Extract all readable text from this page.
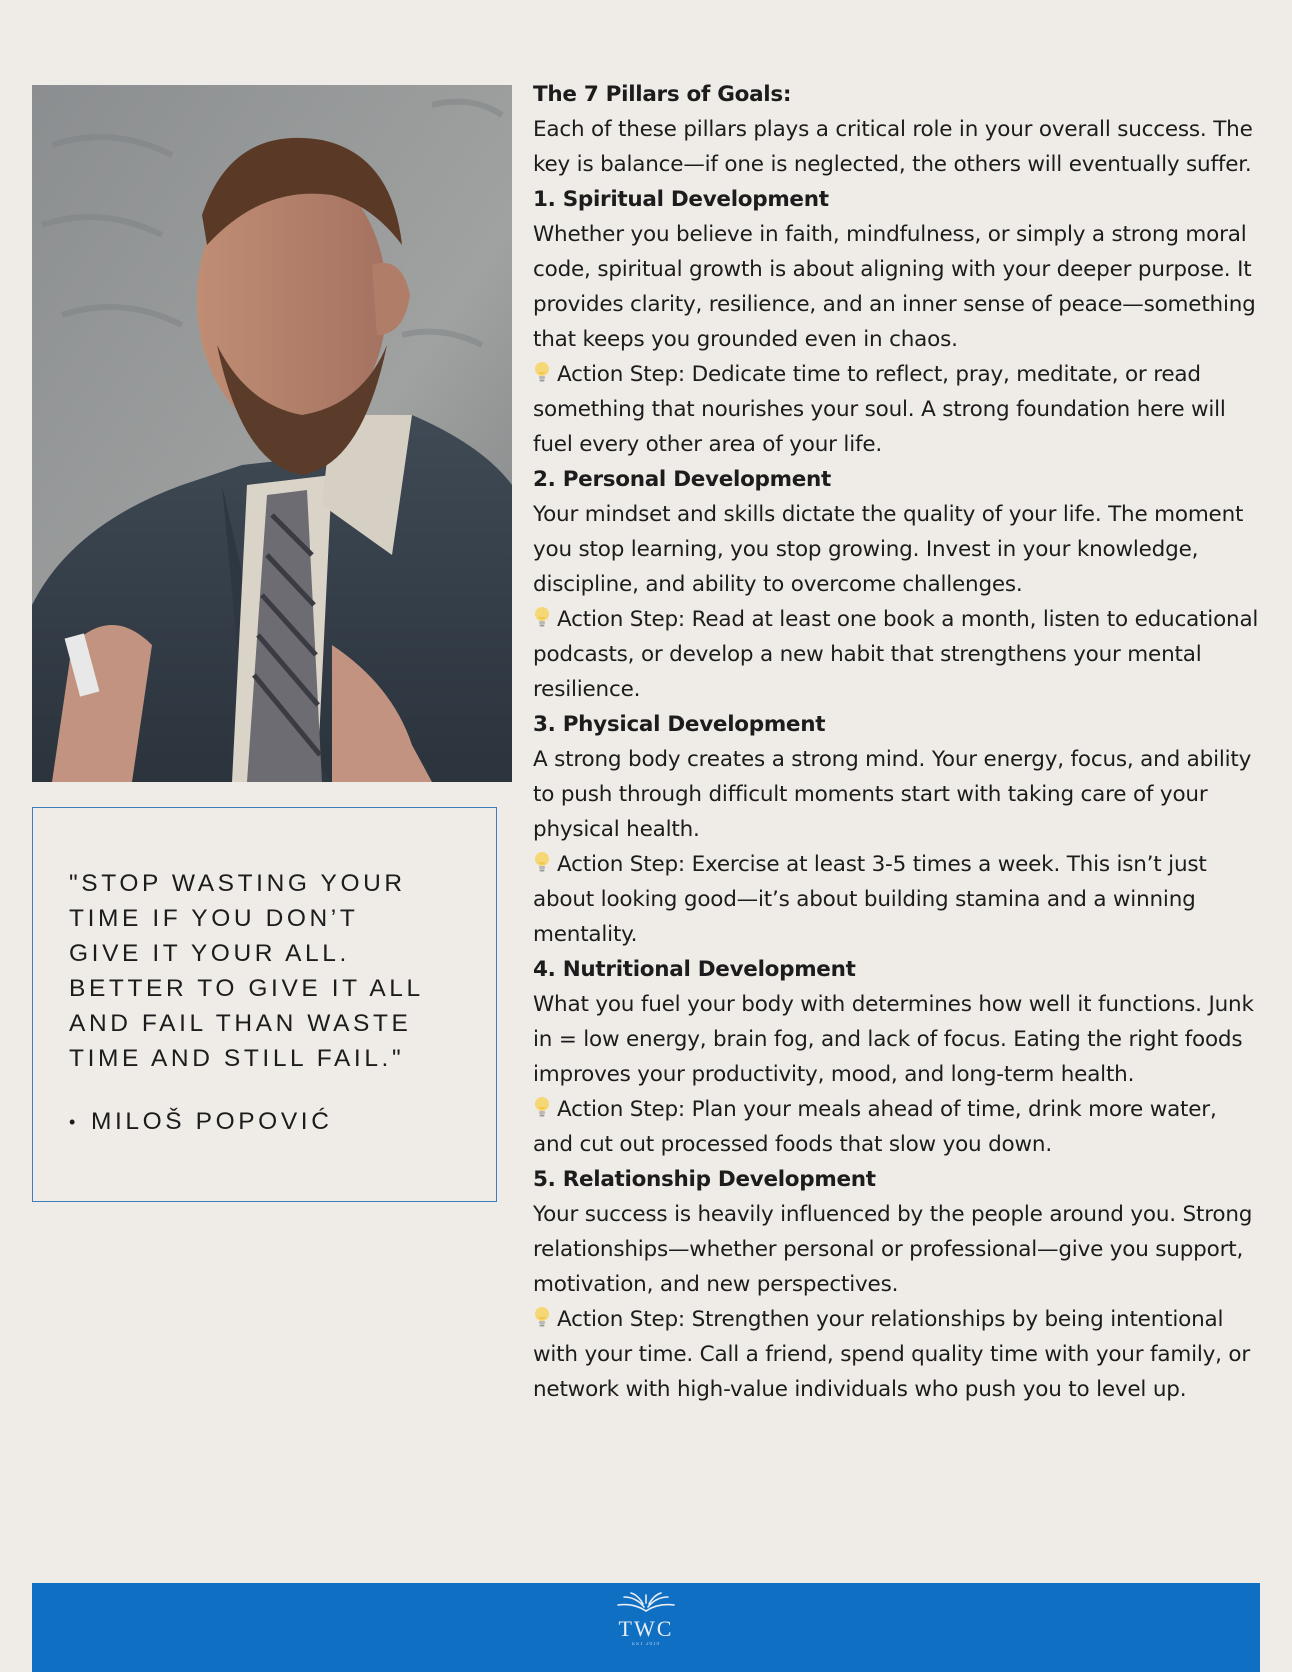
"STOP WASTING YOUR
TIME IF YOU DON’T
GIVE IT YOUR ALL.
BETTER TO GIVE IT ALL
AND FAIL THAN WASTE
TIME AND STILL FAIL."

• MILOŠ POPOVIĆ

The 7 Pillars of Goals:

Each of these pillars plays a critical role in your overall success. The key is balance—if one is neglected, the others will eventually suffer.

1. Spiritual Development

Whether you believe in faith, mindfulness, or simply a strong moral code, spiritual growth is about aligning with your deeper purpose. It provides clarity, resilience, and an inner sense of peace—something that keeps you grounded even in chaos.

Action Step: Dedicate time to reflect, pray, meditate, or read something that nourishes your soul. A strong foundation here will fuel every other area of your life.

2. Personal Development

Your mindset and skills dictate the quality of your life. The moment you stop learning, you stop growing. Invest in your knowledge, discipline, and ability to overcome challenges.

Action Step: Read at least one book a month, listen to educational podcasts, or develop a new habit that strengthens your mental resilience.

3. Physical Development

A strong body creates a strong mind. Your energy, focus, and ability to push through difficult moments start with taking care of your physical health.

Action Step: Exercise at least 3-5 times a week. This isn’t just about looking good—it’s about building stamina and a winning mentality.

4. Nutritional Development

What you fuel your body with determines how well it functions. Junk in = low energy, brain fog, and lack of focus. Eating the right foods improves your productivity, mood, and long-term health.

Action Step: Plan your meals ahead of time, drink more water, and cut out processed foods that slow you down.

5. Relationship Development

Your success is heavily influenced by the people around you. Strong relationships—whether personal or professional—give you support, motivation, and new perspectives.

Action Step: Strengthen your relationships by being intentional with your time. Call a friend, spend quality time with your family, or network with high-value individuals who push you to level up.

TWC
EST 2019
